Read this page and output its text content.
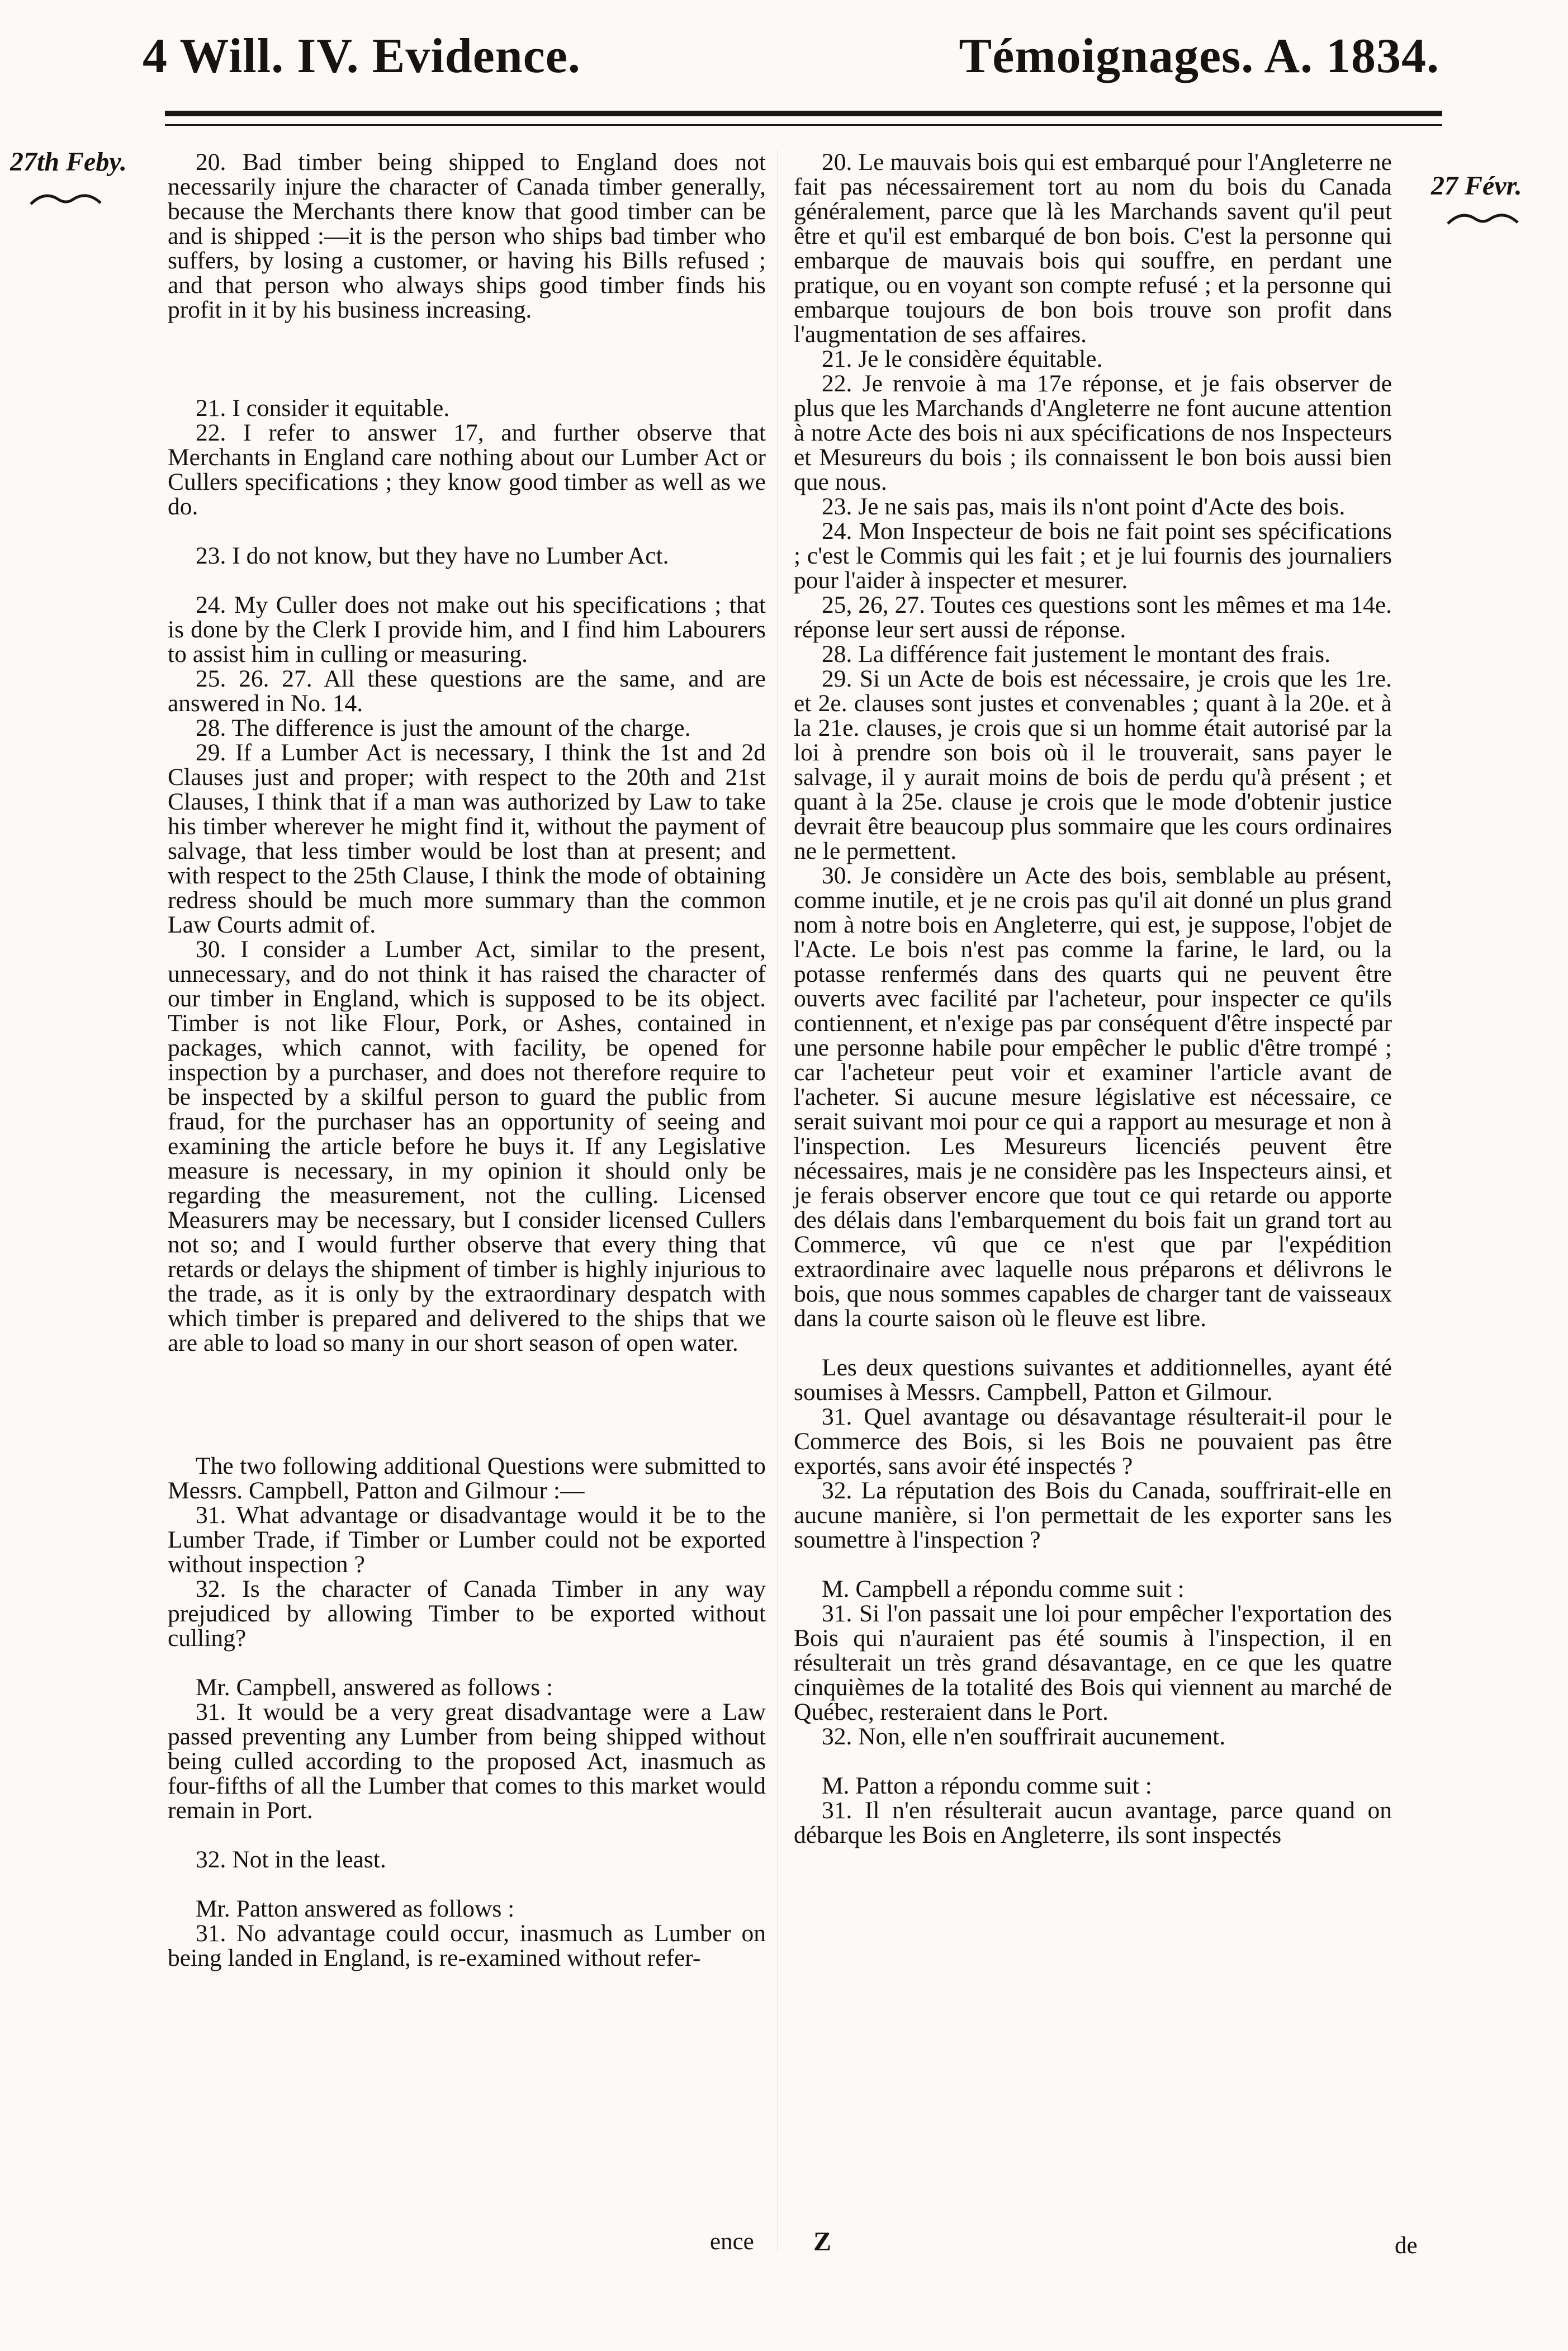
4 Will. IV. Evidence.	Témoignages. A. 1834.
27th Feby.
27 Févr.

20. Bad timber being shipped to England does not necessarily injure the character of Canada timber generally, because the Merchants there know that good timber can be and is shipped :—it is the person who ships bad timber who suffers, by losing a customer, or having his Bills refused ; and that person who always ships good timber finds his profit in it by his business increasing.

21. I consider it equitable.

22. I refer to answer 17, and further observe that Merchants in England care nothing about our Lumber Act or Cullers specifications ; they know good timber as well as we do.

23. I do not know, but they have no Lumber Act.

24. My Culler does not make out his specifications ; that is done by the Clerk I provide him, and I find him Labourers to assist him in culling or measuring.

25. 26. 27. All these questions are the same, and are answered in No. 14.

28. The difference is just the amount of the charge.

29. If a Lumber Act is necessary, I think the 1st and 2d Clauses just and proper; with respect to the 20th and 21st Clauses, I think that if a man was authorized by Law to take his timber wherever he might find it, without the payment of salvage, that less timber would be lost than at present; and with respect to the 25th Clause, I think the mode of obtaining redress should be much more summary than the common Law Courts admit of.

30. I consider a Lumber Act, similar to the present, unnecessary, and do not think it has raised the character of our timber in England, which is supposed to be its object. Timber is not like Flour, Pork, or Ashes, contained in packages, which cannot, with facility, be opened for inspection by a purchaser, and does not therefore require to be inspected by a skilful person to guard the public from fraud, for the purchaser has an opportunity of seeing and examining the article before he buys it. If any Legislative measure is necessary, in my opinion it should only be regarding the measurement, not the culling. Licensed Measurers may be necessary, but I consider licensed Cullers not so; and I would further observe that every thing that retards or delays the shipment of timber is highly injurious to the trade, as it is only by the extraordinary despatch with which timber is prepared and delivered to the ships that we are able to load so many in our short season of open water.

The two following additional Questions were submitted to Messrs. Campbell, Patton and Gilmour :—

31. What advantage or disadvantage would it be to the Lumber Trade, if Timber or Lumber could not be exported without inspection ?

32. Is the character of Canada Timber in any way prejudiced by allowing Timber to be exported without culling?

Mr. Campbell, answered as follows :

31. It would be a very great disadvantage were a Law passed preventing any Lumber from being shipped without being culled according to the proposed Act, inasmuch as four-fifths of all the Lumber that comes to this market would remain in Port.

32. Not in the least.

Mr. Patton answered as follows :

31. No advantage could occur, inasmuch as Lumber on being landed in England, is re-examined without refer-

20. Le mauvais bois qui est embarqué pour l'Angleterre ne fait pas nécessairement tort au nom du bois du Canada généralement, parce que là les Marchands savent qu'il peut être et qu'il est embarqué de bon bois. C'est la personne qui embarque de mauvais bois qui souffre, en perdant une pratique, ou en voyant son compte refusé ; et la personne qui embarque toujours de bon bois trouve son profit dans l'augmentation de ses affaires.

21. Je le considère équitable.

22. Je renvoie à ma 17e réponse, et je fais observer de plus que les Marchands d'Angleterre ne font aucune attention à notre Acte des bois ni aux spécifications de nos Inspecteurs et Mesureurs du bois ; ils connaissent le bon bois aussi bien que nous.

23. Je ne sais pas, mais ils n'ont point d'Acte des bois.

24. Mon Inspecteur de bois ne fait point ses spécifications ; c'est le Commis qui les fait ; et je lui fournis des journaliers pour l'aider à inspecter et mesurer.

25, 26, 27. Toutes ces questions sont les mêmes et ma 14e. réponse leur sert aussi de réponse.

28. La différence fait justement le montant des frais.

29. Si un Acte de bois est nécessaire, je crois que les 1re. et 2e. clauses sont justes et convenables ; quant à la 20e. et à la 21e. clauses, je crois que si un homme était autorisé par la loi à prendre son bois où il le trouverait, sans payer le salvage, il y aurait moins de bois de perdu qu'à présent ; et quant à la 25e. clause je crois que le mode d'obtenir justice devrait être beaucoup plus sommaire que les cours ordinaires ne le permettent.

30. Je considère un Acte des bois, semblable au présent, comme inutile, et je ne crois pas qu'il ait donné un plus grand nom à notre bois en Angleterre, qui est, je suppose, l'objet de l'Acte. Le bois n'est pas comme la farine, le lard, ou la potasse renfermés dans des quarts qui ne peuvent être ouverts avec facilité par l'acheteur, pour inspecter ce qu'ils contiennent, et n'exige pas par conséquent d'être inspecté par une personne habile pour empêcher le public d'être trompé ; car l'acheteur peut voir et examiner l'article avant de l'acheter. Si aucune mesure législative est nécessaire, ce serait suivant moi pour ce qui a rapport au mesurage et non à l'inspection. Les Mesureurs licenciés peuvent être nécessaires, mais je ne considère pas les Inspecteurs ainsi, et je ferais observer encore que tout ce qui retarde ou apporte des délais dans l'embarquement du bois fait un grand tort au Commerce, vû que ce n'est que par l'expédition extraordinaire avec laquelle nous préparons et délivrons le bois, que nous sommes capables de charger tant de vaisseaux dans la courte saison où le fleuve est libre.

Les deux questions suivantes et additionnelles, ayant été soumises à Messrs. Campbell, Patton et Gilmour.

31. Quel avantage ou désavantage résulterait-il pour le Commerce des Bois, si les Bois ne pouvaient pas être exportés, sans avoir été inspectés ?

32. La réputation des Bois du Canada, souffrirait-elle en aucune manière, si l'on permettait de les exporter sans les soumettre à l'inspection ?

M. Campbell a répondu comme suit :

31. Si l'on passait une loi pour empêcher l'exportation des Bois qui n'auraient pas été soumis à l'inspection, il en résulterait un très grand désavantage, en ce que les quatre cinquièmes de la totalité des Bois qui viennent au marché de Québec, resteraient dans le Port.

32. Non, elle n'en souffrirait aucunement.

M. Patton a répondu comme suit :

31. Il n'en résulterait aucun avantage, parce quand on débarque les Bois en Angleterre, ils sont inspectés

ence Z	de
